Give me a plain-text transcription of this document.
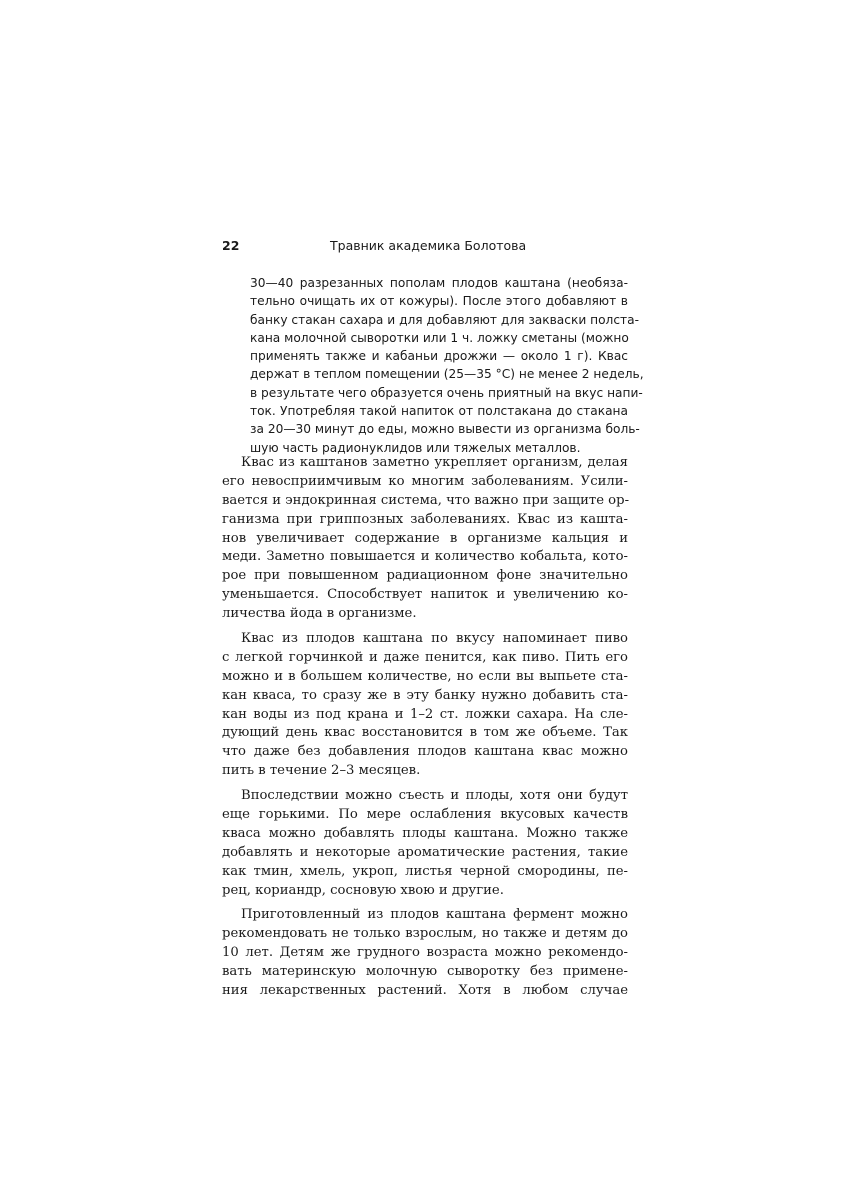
22	Травник академика Болотова
30—40 разрезанных пополам плодов каштана (необяза-
тельно очищать их от кожуры). После этого добавляют в
банку стакан сахара и для добавляют для закваски полста-
кана молочной сыворотки или 1 ч. ложку сметаны (можно
применять также и кабаньи дрожжи — около 1 г). Квас
держат в теплом помещении (25—35 °C) не менее 2 недель,
в результате чего образуется очень приятный на вкус напи-
ток. Употребляя такой напиток от полстакана до стакана
за 20—30 минут до еды, можно вывести из организма боль-
шую часть радионуклидов или тяжелых металлов.
Квас из каштанов заметно укрепляет организм, делая
его невосприимчивым ко многим заболеваниям. Усили-
вается и эндокринная система, что важно при защите ор-
ганизма при гриппозных заболеваниях. Квас из кашта-
нов увеличивает содержание в организме кальция и
меди. Заметно повышается и количество кобальта, кото-
рое при повышенном радиационном фоне значительно
уменьшается. Способствует напиток и увеличению ко-
личества йода в организме.
Квас из плодов каштана по вкусу напоминает пиво
с легкой горчинкой и даже пенится, как пиво. Пить его
можно и в большем количестве, но если вы выпьете ста-
кан кваса, то сразу же в эту банку нужно добавить ста-
кан воды из под крана и 1–2 ст. ложки сахара. На сле-
дующий день квас восстановится в том же объеме. Так
что даже без добавления плодов каштана квас можно
пить в течение 2–3 месяцев.
Впоследствии можно съесть и плоды, хотя они будут
еще горькими. По мере ослабления вкусовых качеств
кваса можно добавлять плоды каштана. Можно также
добавлять и некоторые ароматические растения, такие
как тмин, хмель, укроп, листья черной смородины, пе-
рец, кориандр, сосновую хвою и другие.
Приготовленный из плодов каштана фермент можно
рекомендовать не только взрослым, но также и детям до
10 лет. Детям же грудного возраста можно рекомендо-
вать материнскую молочную сыворотку без примене-
ния лекарственных растений. Хотя в любом случае
